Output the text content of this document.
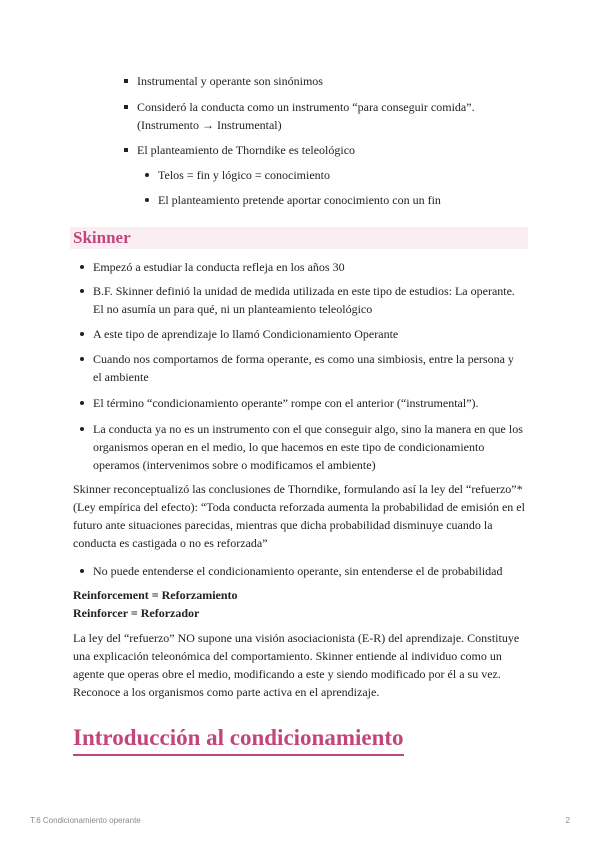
Instrumental y operante son sinónimos
Consideró la conducta como un instrumento “para conseguir comida”.
(Instrumento → Instrumental)
El planteamiento de Thorndike es teleológico
Telos = fin y lógico = conocimiento
El planteamiento pretende aportar conocimiento con un fin
Skinner
Empezó a estudiar la conducta refleja en los años 30
B.F. Skinner definió la unidad de medida utilizada en este tipo de estudios: La operante.
El no asumía un para qué, ni un planteamiento teleológico
A este tipo de aprendizaje lo llamó Condicionamiento Operante
Cuando nos comportamos de forma operante, es como una simbiosis, entre la persona y
el ambiente
El término “condicionamiento operante” rompe con el anterior (“instrumental”).
La conducta ya no es un instrumento con el que conseguir algo, sino la manera en que los
organismos operan en el medio, lo que hacemos en este tipo de condicionamiento
operamos (intervenimos sobre o modificamos el ambiente)
Skinner reconceptualizó las conclusiones de Thorndike, formulando así la ley del “refuerzo”*
(Ley empírica del efecto): “Toda conducta reforzada aumenta la probabilidad de emisión en el
futuro ante situaciones parecidas, mientras que dicha probabilidad disminuye cuando la
conducta es castigada o no es reforzada”
No puede entenderse el condicionamiento operante, sin entenderse el de probabilidad
Reinforcement = Reforzamiento
Reinforcer = Reforzador
La ley del “refuerzo” NO supone una visión asociacionista (E-R) del aprendizaje. Constituye
una explicación teleonómica del comportamiento. Skinner entiende al individuo como un
agente que operas obre el medio, modificando a este y siendo modificado por él a su vez.
Reconoce a los organismos como parte activa en el aprendizaje.
Introducción al condicionamiento
T.6 Condicionamiento operante	2
